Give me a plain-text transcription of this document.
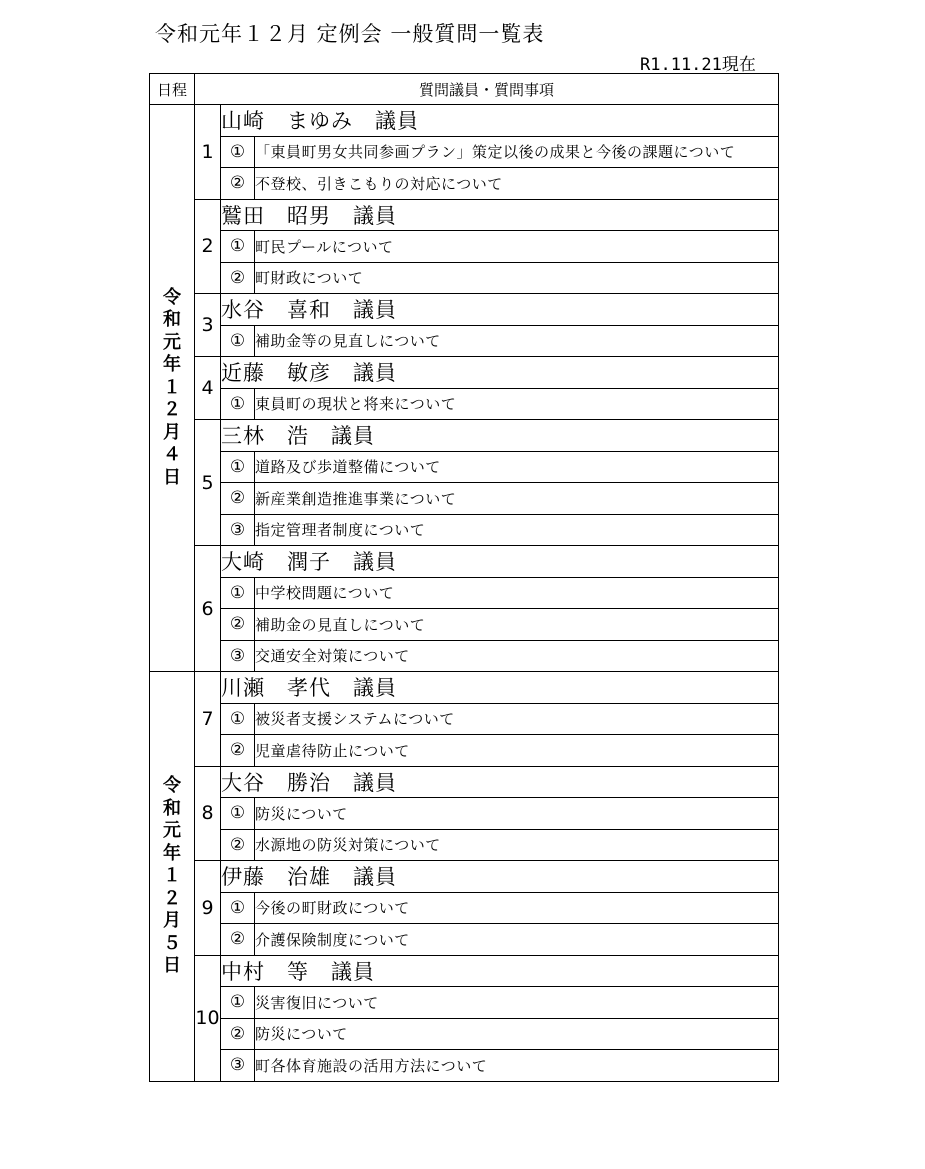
令和元年１２月 定例会 一般質問一覧表
R1.11.21現在
日程	質問議員・質問事項		
令和元年１２月４日	1	山崎　まゆみ　議員	
		①	「東員町男女共同参画プラン」策定以後の成果と今後の課題について
		②	不登校、引きこもりの対応について
	2	鷲田　昭男　議員	
		①	町民プールについて
		②	町財政について
	3	水谷　喜和　議員	
		①	補助金等の見直しについて
	4	近藤　敏彦　議員	
		①	東員町の現状と将来について
	5	三林　浩　議員	
		①	道路及び歩道整備について
		②	新産業創造推進事業について
		③	指定管理者制度について
	6	大崎　潤子　議員	
		①	中学校問題について
		②	補助金の見直しについて
		③	交通安全対策について
令和元年１２月５日	7	川瀬　孝代　議員	
		①	被災者支援システムについて
		②	児童虐待防止について
	8	大谷　勝治　議員	
		①	防災について
		②	水源地の防災対策について
	9	伊藤　治雄　議員	
		①	今後の町財政について
		②	介護保険制度について
	10	中村　等　議員	
		①	災害復旧について
		②	防災について
		③	町各体育施設の活用方法について
